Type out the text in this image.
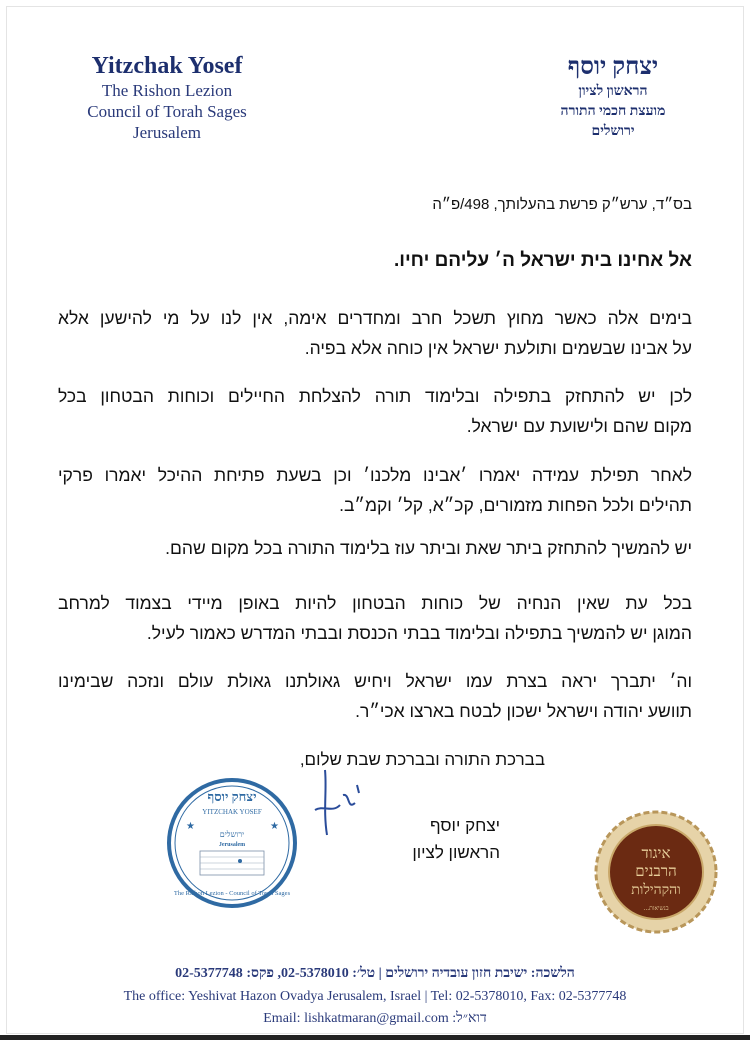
Yitzchak Yosef
The Rishon Lezion
Council of Torah Sages
Jerusalem
יצחק יוסף
הראשון לציון
מועצת חכמי התורה
ירושלים
בס״ד, ערש״ק פרשת בהעלותך, 498/פ״ה
אל אחינו בית ישראל ה׳ עליהם יחיו.
בימים אלה כאשר מחוץ תשכל חרב ומחדרים אימה, אין לנו על מי להישען אלא
על אבינו שבשמים ותולעת ישראל אין כוחה אלא בפיה.
לכן יש להתחזק בתפילה ובלימוד תורה להצלחת החיילים וכוחות הבטחון בכל
מקום שהם ולישועת עם ישראל.
לאחר תפילת עמידה יאמרו ׳אבינו מלכנו׳ וכן בשעת פתיחת ההיכל יאמרו פרקי
תהילים ולכל הפחות מזמורים, קכ״א, קל׳ וקמ״ב.
יש להמשיך להתחזק ביתר שאת וביתר עוז בלימוד התורה בכל מקום שהם.
בכל עת שאין הנחיה של כוחות הבטחון להיות באופן מיידי בצמוד למרחב
המוגן יש להמשיך בתפילה ובלימוד בבתי הכנסת ובבתי המדרש כאמור לעיל.
וה׳ יתברך יראה בצרת עמו ישראל ויחיש גאולתנו גאולת עולם ונזכה שבימינו
תוושע יהודה וישראל ישכון לבטח בארצו אכי״ר.
בברכת התורה ובברכת שבת שלום,
יצחק יוסף
הראשון לציון
יצחק יוסף
YITZCHAK YOSEF
★	★
ירושלים
Jerusalem
The Rishon Lezion - Council of Torah Sages
איגוד
הרבנים
והקהילות
בנשיאות...
הלשכה: ישיבת חזון עובדיה ירושלים | טל׳: 02-5378010, פקס: 02-5377748
The office: Yeshivat Hazon Ovadya Jerusalem, Israel | Tel: 02-5378010, Fax: 02-5377748
Email: lishkatmaran@gmail.com :דוא״ל
